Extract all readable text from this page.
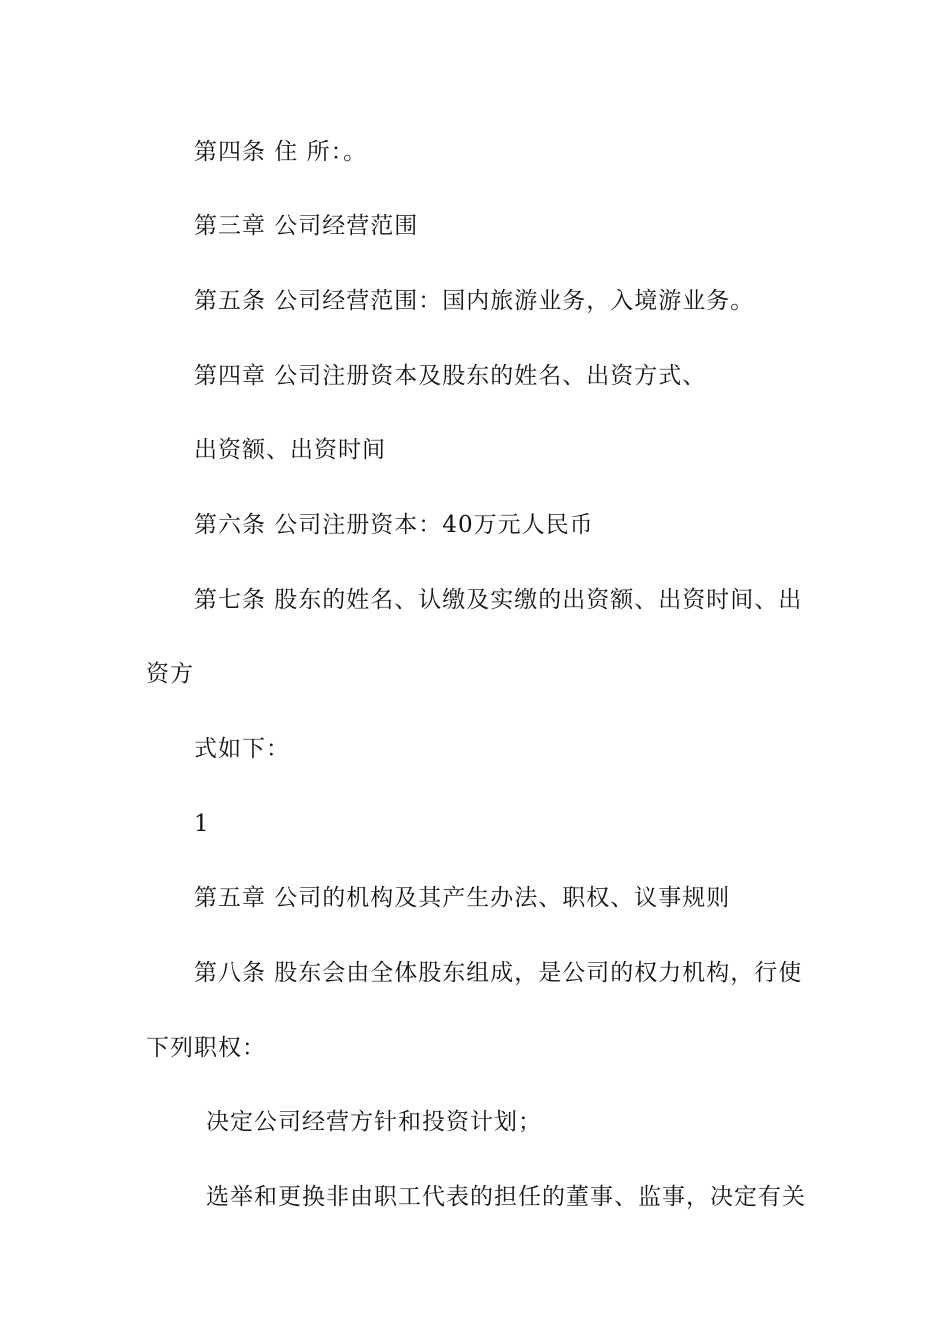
第四条 住 所：。
第三章 公司经营范围
第五条 公司经营范围：国内旅游业务，入境游业务。
第四章 公司注册资本及股东的姓名、出资方式、
出资额、出资时间
第六条 公司注册资本：40万元人民币
第七条 股东的姓名、认缴及实缴的出资额、出资时间、出
资方
式如下：
1
第五章 公司的机构及其产生办法、职权、议事规则
第八条 股东会由全体股东组成，是公司的权力机构，行使
下列职权：
决定公司经营方针和投资计划；
选举和更换非由职工代表的担任的董事、监事，决定有关
